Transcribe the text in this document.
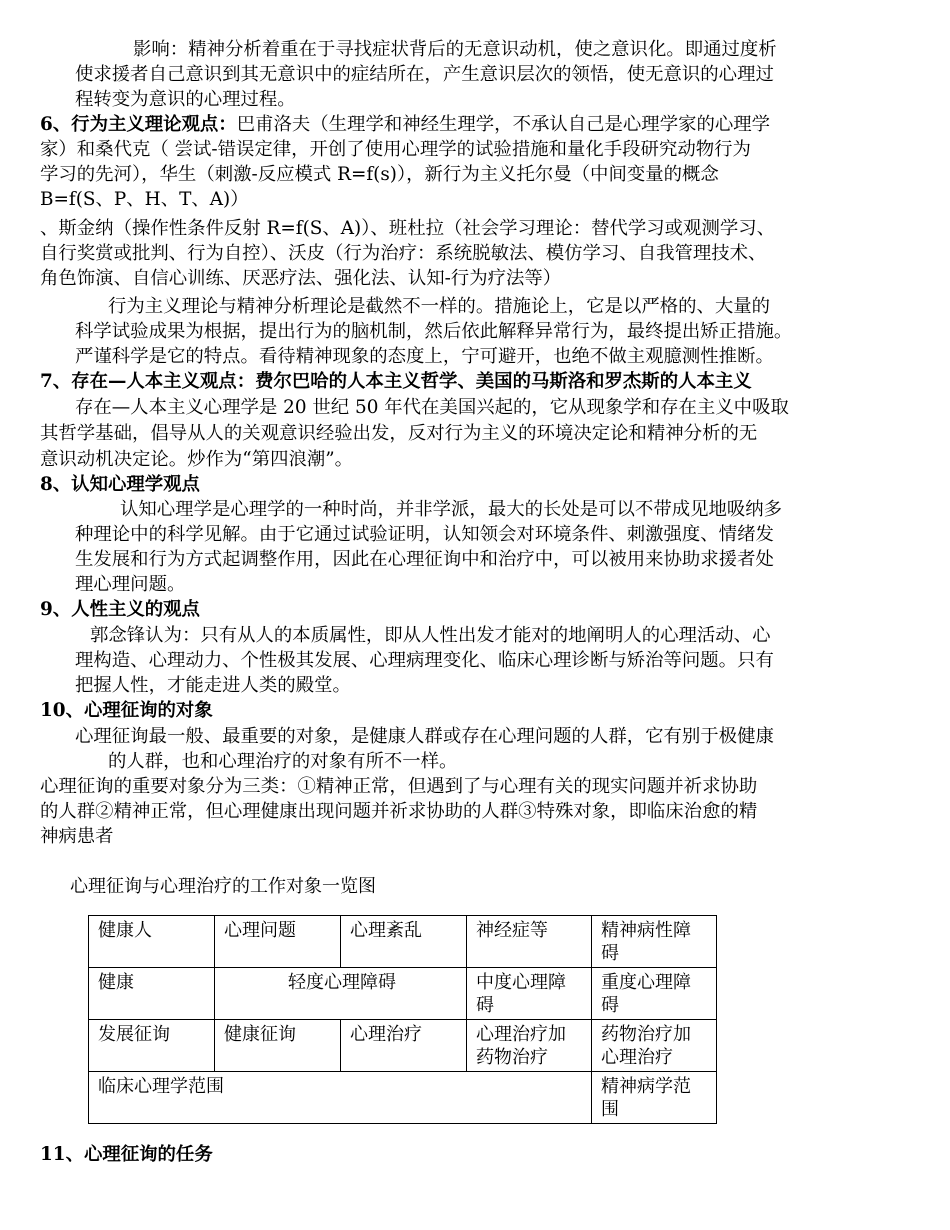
影响：精神分析着重在于寻找症状背后的无意识动机，使之意识化。即通过度析
使求援者自己意识到其无意识中的症结所在，产生意识层次的领悟，使无意识的心理过
程转变为意识的心理过程。
6、行为主义理论观点：巴甫洛夫（生理学和神经生理学，不承认自己是心理学家的心理学
家）和桑代克（ 尝试-错误定律，开创了使用心理学的试验措施和量化手段研究动物行为
学习的先河），华生（刺激-反应模式 R=f(s)），新行为主义托尔曼（中间变量的概念
B=f(S、P、H、T、A)）
、斯金纳（操作性条件反射 R=f(S、A)）、班杜拉（社会学习理论：替代学习或观测学习、
自行奖赏或批判、行为自控）、沃皮（行为治疗：系统脱敏法、模仿学习、自我管理技术、
角色饰演、自信心训练、厌恶疗法、强化法、认知-行为疗法等）
行为主义理论与精神分析理论是截然不一样的。措施论上，它是以严格的、大量的
科学试验成果为根据，提出行为的脑机制，然后依此解释异常行为，最终提出矫正措施。
严谨科学是它的特点。看待精神现象的态度上，宁可避开，也绝不做主观臆测性推断。
7、存在—人本主义观点：费尔巴哈的人本主义哲学、美国的马斯洛和罗杰斯的人本主义
存在—人本主义心理学是 20 世纪 50 年代在美国兴起的，它从现象学和存在主义中吸取
其哲学基础，倡导从人的关观意识经验出发，反对行为主义的环境决定论和精神分析的无
意识动机决定论。炒作为“第四浪潮”。
8、认知心理学观点
认知心理学是心理学的一种时尚，并非学派，最大的长处是可以不带成见地吸纳多
种理论中的科学见解。由于它通过试验证明，认知领会对环境条件、刺激强度、情绪发
生发展和行为方式起调整作用，因此在心理征询中和治疗中，可以被用来协助求援者处
理心理问题。
9、人性主义的观点
郭念锋认为：只有从人的本质属性，即从人性出发才能对的地阐明人的心理活动、心
理构造、心理动力、个性极其发展、心理病理变化、临床心理诊断与矫治等问题。只有
把握人性，才能走进人类的殿堂。
10、心理征询的对象
心理征询最一般、最重要的对象，是健康人群或存在心理问题的人群，它有别于极健康
的人群，也和心理治疗的对象有所不一样。
心理征询的重要对象分为三类：①精神正常，但遇到了与心理有关的现实问题并祈求协助
的人群②精神正常，但心理健康出现问题并祈求协助的人群③特殊对象，即临床治愈的精
神病患者
心理征询与心理治疗的工作对象一览图
健康人	心理问题	心理紊乱	神经症等	精神病性障
碍
健康	轻度心理障碍		中度心理障
碍	重度心理障
碍
发展征询	健康征询	心理治疗	心理治疗加
药物治疗	药物治疗加
心理治疗
临床心理学范围				精神病学范
围
11、心理征询的任务
